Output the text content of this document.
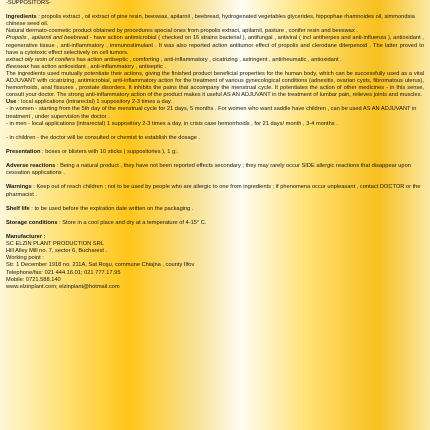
-SUPPOSITORS-

Ingredients : propolis extract , oil extract of pine resin, beeswax, apilarnil , beebread, hydrogenated vegetables glycerides, hippophae rhamnoides oil, simmondsia chinese seed oil.

Natural dermato-cosmetic product obtained by procedures special ones from propolis extract, apilarnil, pasture , conifer resin and beeswax .

Propolis , apilarnil and beebread - have action antimicrobial ( checked on 16 strains bacterial ), antifungal , antiviral ( incl antiherpes and anti-influenza ), antioxidant , regenerative tissue , anti-inflammatory , immunostimulant . It was also reported action antitumor effect of propolis and clerodane diterpenoid . The latter proved to have a cytotoxic effect selectively on cell tumors.

extract oily resin of conifers has action antiseptic , comforting , anti-inflammatory , cicatrizing , astringent , antirheumatic , antioxidant .

Beeswax has action antioxidant , anti-inflammatory , antiseptic .

The ingredients used mutually potentiate their actions, giving the finished product beneficial properties for the human body, which can be successfully used as a vital ADJUVANT with cicatrizing, antimicrobial, anti-inflammatory action for the treatment of various gynecological conditions (adnexitis, ovarian cysts, fibromatous uterus), hemorrhoids, anal fissures , prostate disorders. It inhibits the pains that accompany the menstrual cycle. It potentiates the action of other medicines - in this sense, consult your doctor. The strong anti-inflammatory action of the product makes it useful AS AN ADJUVANT in the treatment of lumbar pain, relieves joints and muscles.

Use : local applications (intrarectal) 1 suppository 2-3 times a day.

- in women - starting from the 5th day of the menstrual cycle for 21 days, 5 months . For women who want saddle have children , can be used AS AN ADJUVANT in treatment , under supervision the doctor .

- in men - local applications (intrarectal) 1 suppository 2-3 times a day, in crisis case hemorrhoids , for 21 days/ month , 3-4 months .

- in children - the doctor will be consulted or chemist to establish the dosage .

Presentation : boxes or blisters with 10 sticks ( suppositories ), 1 g;.

Adverse reactions : Being a natural product , they have not been reported effects secondary ; they may rarely occur SIDE allergic reactions that disappear upon cessation applications .

Warnings : Keep out of reach children ; not to be used by people who are allergic to one from ingredients ; if phenomena occur unpleasant , contact DOCTOR or the pharmacist .

Shelf life : to be used before the expiration date written on the packaging .

Storage conditions : Store in a cool place and dry at a temperature of 4-15° C.

Manufacturer :

SC ELZIN PLANT PRODUCTION SRL

Hill Alley Mill no. 7, sector 6, Bucharest .

Working point :

Str. 1 December 1918 no. 211A, Sat Roşu, commune Chiajna , county Ilfov

Telephone/fax: 021 444.16.01; 021 777.17.95

Mobile: 0721.588.140

www.elzinplant.com; elzinplant@hotmail.com
